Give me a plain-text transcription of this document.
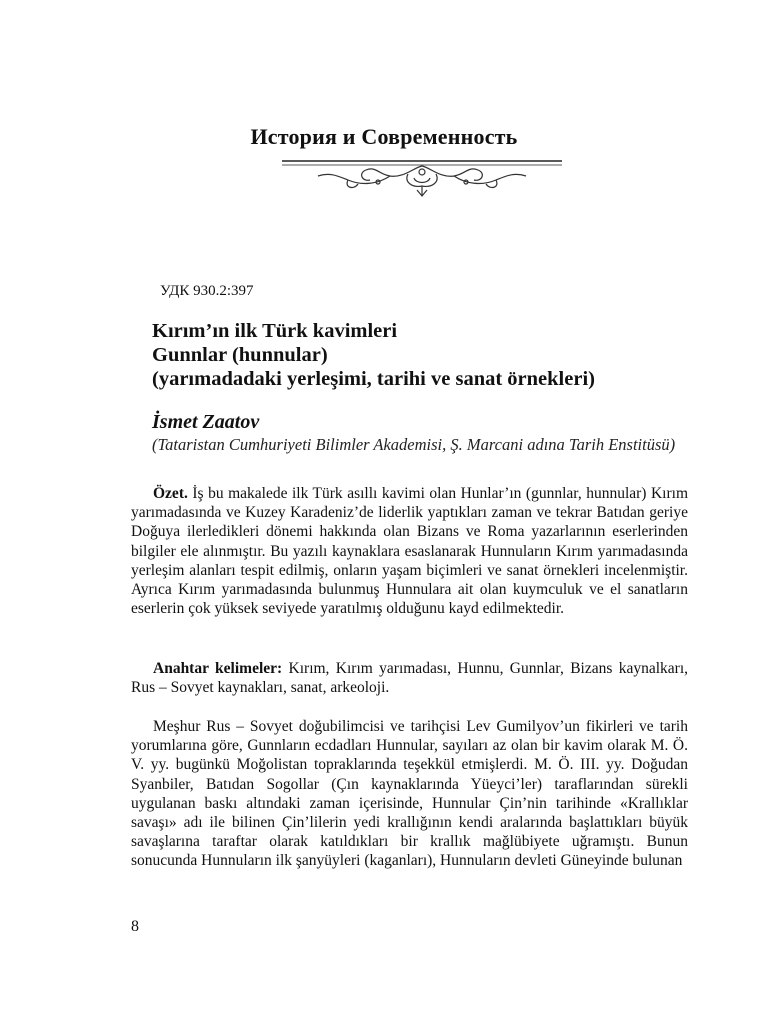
История и Современность
УДК 930.2:397
Kırım’ın ilk Türk kavimleri
Gunnlar (hunnular)
(yarımadadaki yerleşimi, tarihi ve sanat örnekleri)
İsmet Zaatov
(Tataristan Cumhuriyeti Bilimler Akademisi, Ş. Marcani adına Tarih Enstitüsü)

Özet. İş bu makalede ilk Türk asıllı kavimi olan Hunlar’ın (gunnlar, hunnular) Kırım yarımadasında ve Kuzey Karadeniz’de liderlik yaptıkları zaman ve tekrar Batıdan geriye Doğuya ilerledikleri dönemi hakkında olan Bizans ve Roma yazarlarının eserlerinden bilgiler ele alınmıştır. Bu yazılı kaynaklara esaslanarak Hunnuların Kırım yarımadasında yerleşim alanları tespit edilmiş, onların yaşam biçimleri ve sanat örnekleri incelenmiştir. Ayrıca Kırım yarımadasında bulunmuş Hunnulara ait olan kuymculuk ve el sanatların eserlerin çok yüksek seviyede yaratılmış olduğunu kayd edilmektedir.

Anahtar kelimeler: Kırım, Kırım yarımadası, Hunnu, Gunnlar, Bizans kaynalkarı, Rus – Sovyet kaynakları, sanat, arkeoloji.

Meşhur Rus – Sovyet doğubilimcisi ve tarihçisi Lev Gumilyov’un fikirleri ve tarih yorumlarına göre, Gunnların ecdadları Hunnular, sayıları az olan bir kavim olarak M. Ö. V. yy. bugünkü Moğolistan topraklarında teşekkül etmişlerdi. M. Ö. III. yy. Doğudan Syanbiler, Batıdan Sogollar (Çın kaynaklarında Yüeyci’ler) taraflarından sürekli uygulanan baskı altındaki zaman içerisinde, Hunnular Çin’nin tarihinde «Krallıklar savaşı» adı ile bilinen Çin’lilerin yedi krallığının kendi aralarında başlattıkları büyük savaşlarına taraftar olarak katıldıkları bir krallık mağlübiyete uğramıştı. Bunun sonucunda Hunnuların ilk şanyüyleri (kaganları), Hunnuların devleti Güneyinde bulunan

8
